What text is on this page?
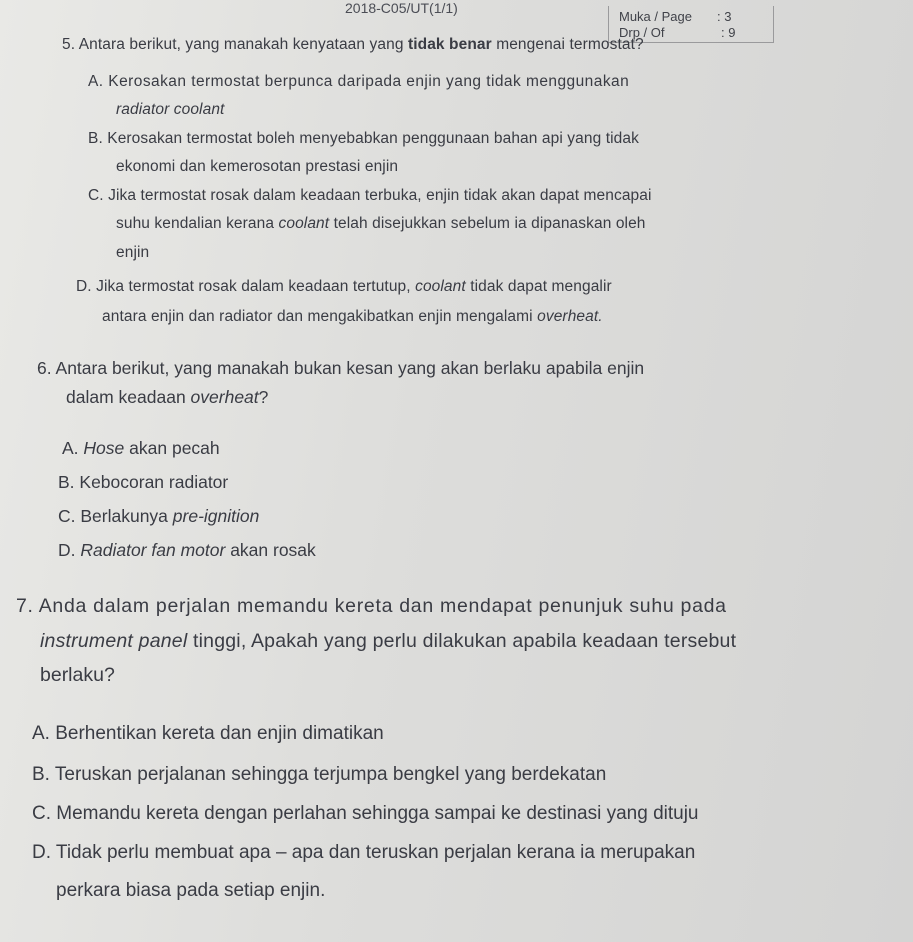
2018-C05/UT(1/1)
Muka / Page : 3
Drp / Of	: 9
5. Antara berikut, yang manakah kenyataan yang tidak benar mengenai termostat?
A. Kerosakan termostat berpunca daripada enjin yang tidak menggunakan
radiator coolant
B. Kerosakan termostat boleh menyebabkan penggunaan bahan api yang tidak
ekonomi dan kemerosotan prestasi enjin
C. Jika termostat rosak dalam keadaan terbuka, enjin tidak akan dapat mencapai
suhu kendalian kerana coolant telah disejukkan sebelum ia dipanaskan oleh
enjin
D. Jika termostat rosak dalam keadaan tertutup, coolant tidak dapat mengalir
antara enjin dan radiator dan mengakibatkan enjin mengalami overheat.
6. Antara berikut, yang manakah bukan kesan yang akan berlaku apabila enjin
dalam keadaan overheat?
A. Hose akan pecah
B. Kebocoran radiator
C. Berlakunya pre-ignition
D. Radiator fan motor akan rosak
7. Anda dalam perjalan memandu kereta dan mendapat penunjuk suhu pada
instrument panel tinggi, Apakah yang perlu dilakukan apabila keadaan tersebut
berlaku?
A. Berhentikan kereta dan enjin dimatikan
B. Teruskan perjalanan sehingga terjumpa bengkel yang berdekatan
C. Memandu kereta dengan perlahan sehingga sampai ke destinasi yang dituju
D. Tidak perlu membuat apa – apa dan teruskan perjalan kerana ia merupakan
perkara biasa pada setiap enjin.
